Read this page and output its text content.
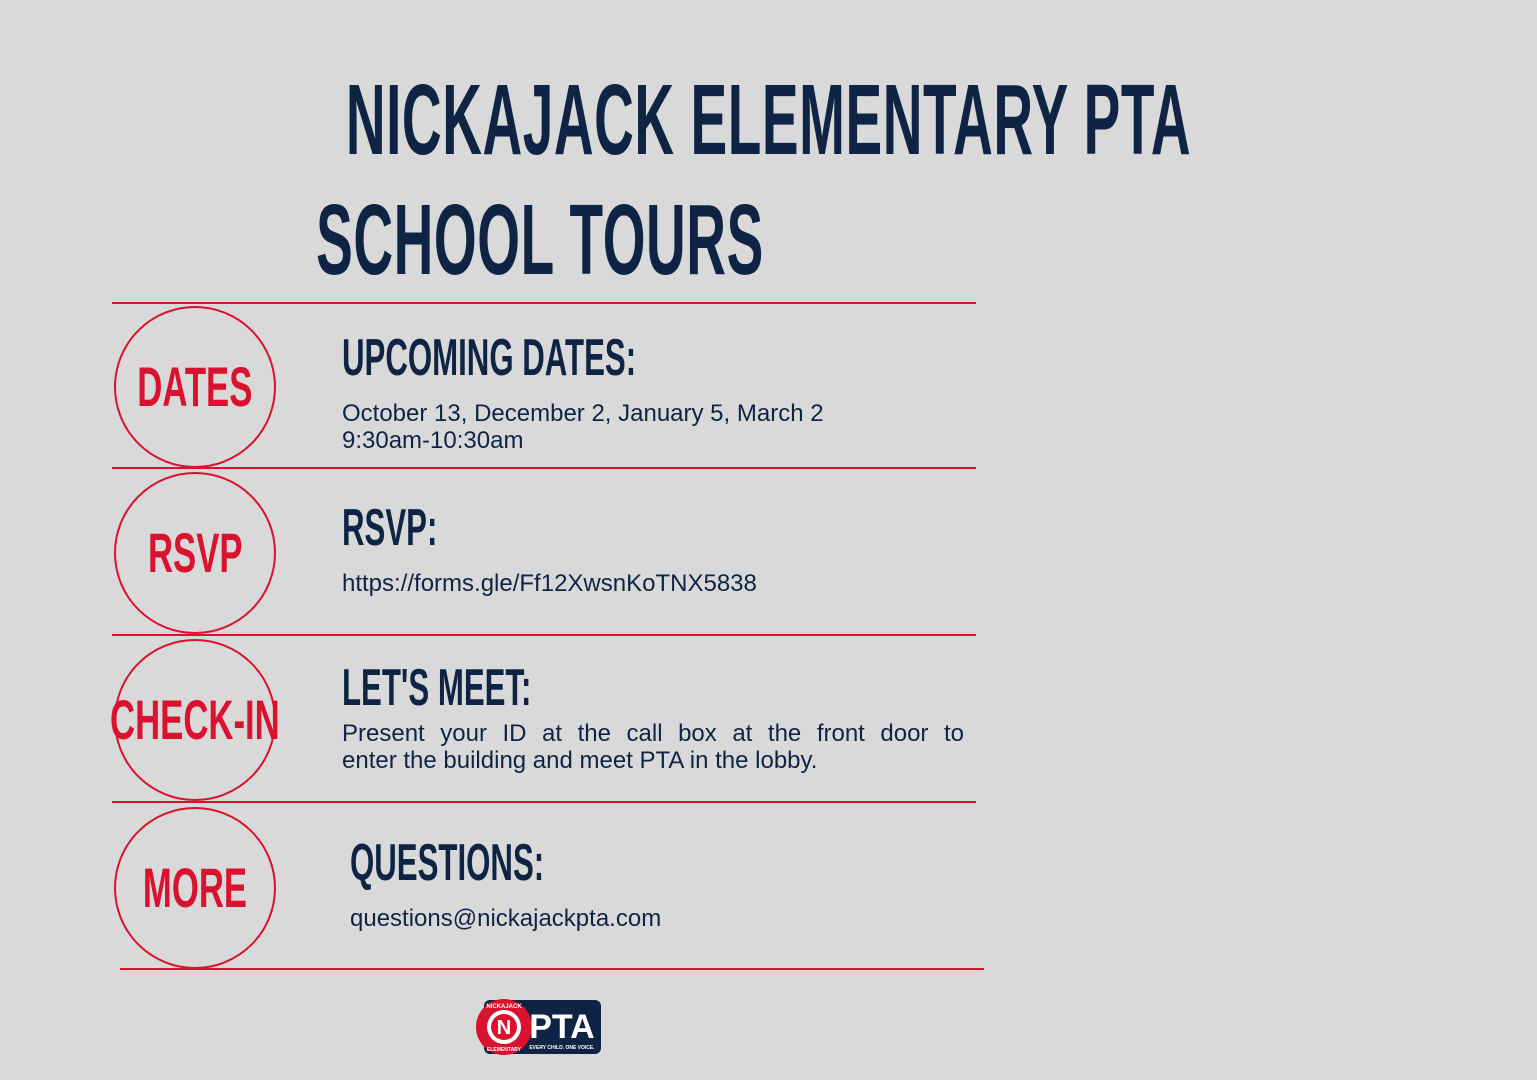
NICKAJACK ELEMENTARY PTA
SCHOOL TOURS
DATES UPCOMING DATES:
October 13, December 2, January 5, March 2
9:30am-10:30am
RSVP RSVP:
https://forms.gle/Ff12XwsnKoTNX5838
CHECK-IN LET'S MEET:
Present your ID at the call box at the front door to
enter the building and meet PTA in the lobby.
MORE QUESTIONS:
questions@nickajackpta.com
N
NICKAJACK
ELEMENTARY
PTA
EVERY CHILD. ONE VOICE.
